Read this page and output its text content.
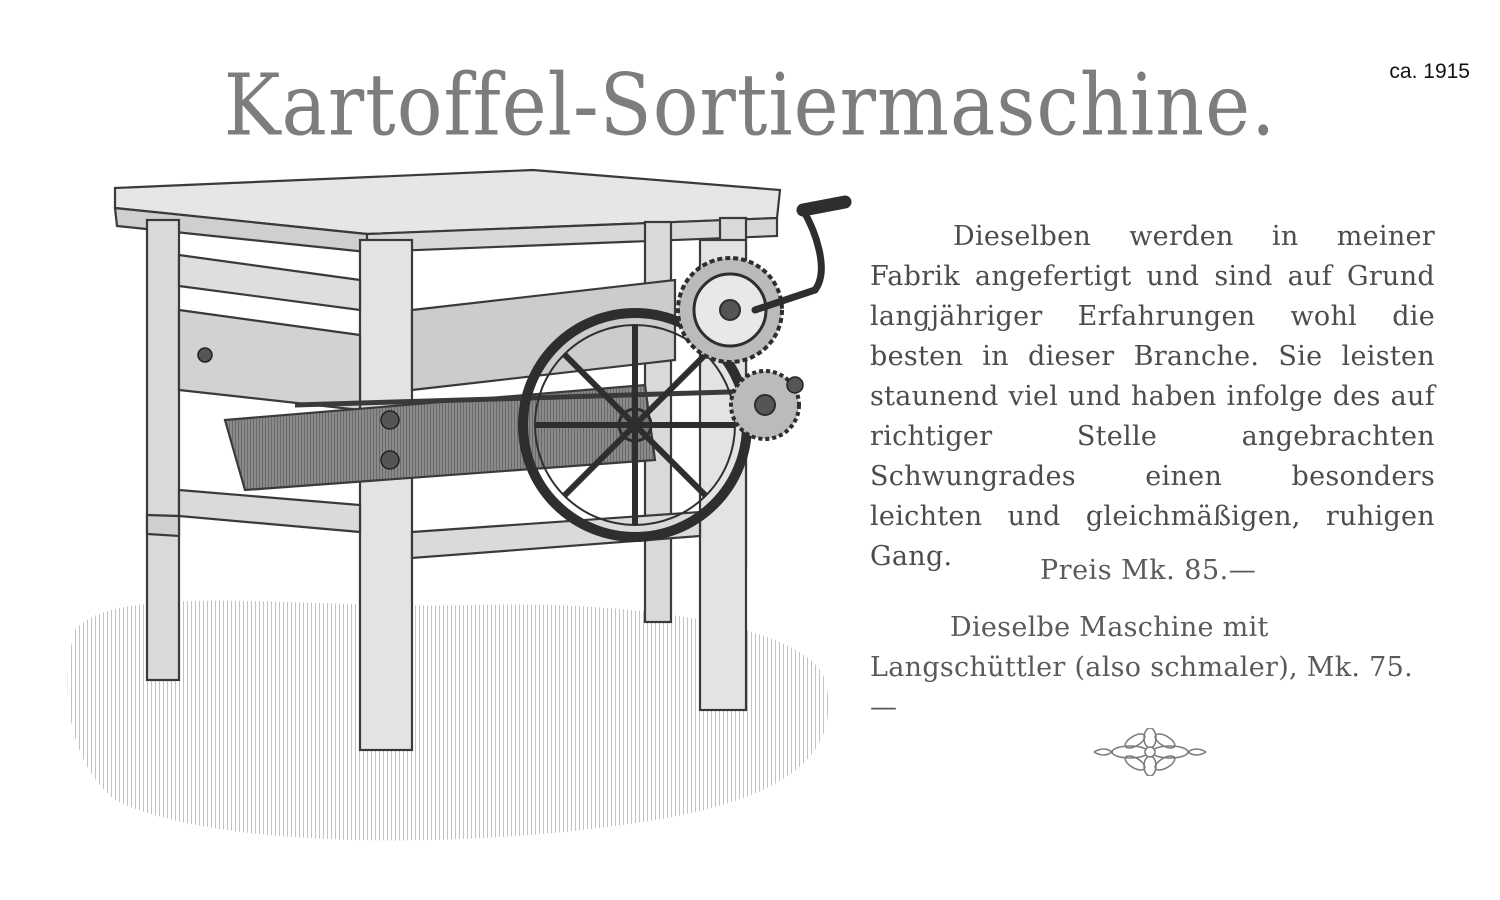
ca. 1915
Kartoffel-Sortiermaschine.

Dieselben werden in meiner Fabrik angefertigt und sind auf Grund langjähriger Erfahrungen wohl die besten in dieser Branche. Sie leisten staunend viel und haben infolge des auf richtiger Stelle angebrachten Schwungrades einen besonders leichten und gleichmäßigen, ruhigen Gang.	Preis Mk. 85.—

Dieselbe Maschine mit Langschüttler (also schmaler), Mk. 75.—
